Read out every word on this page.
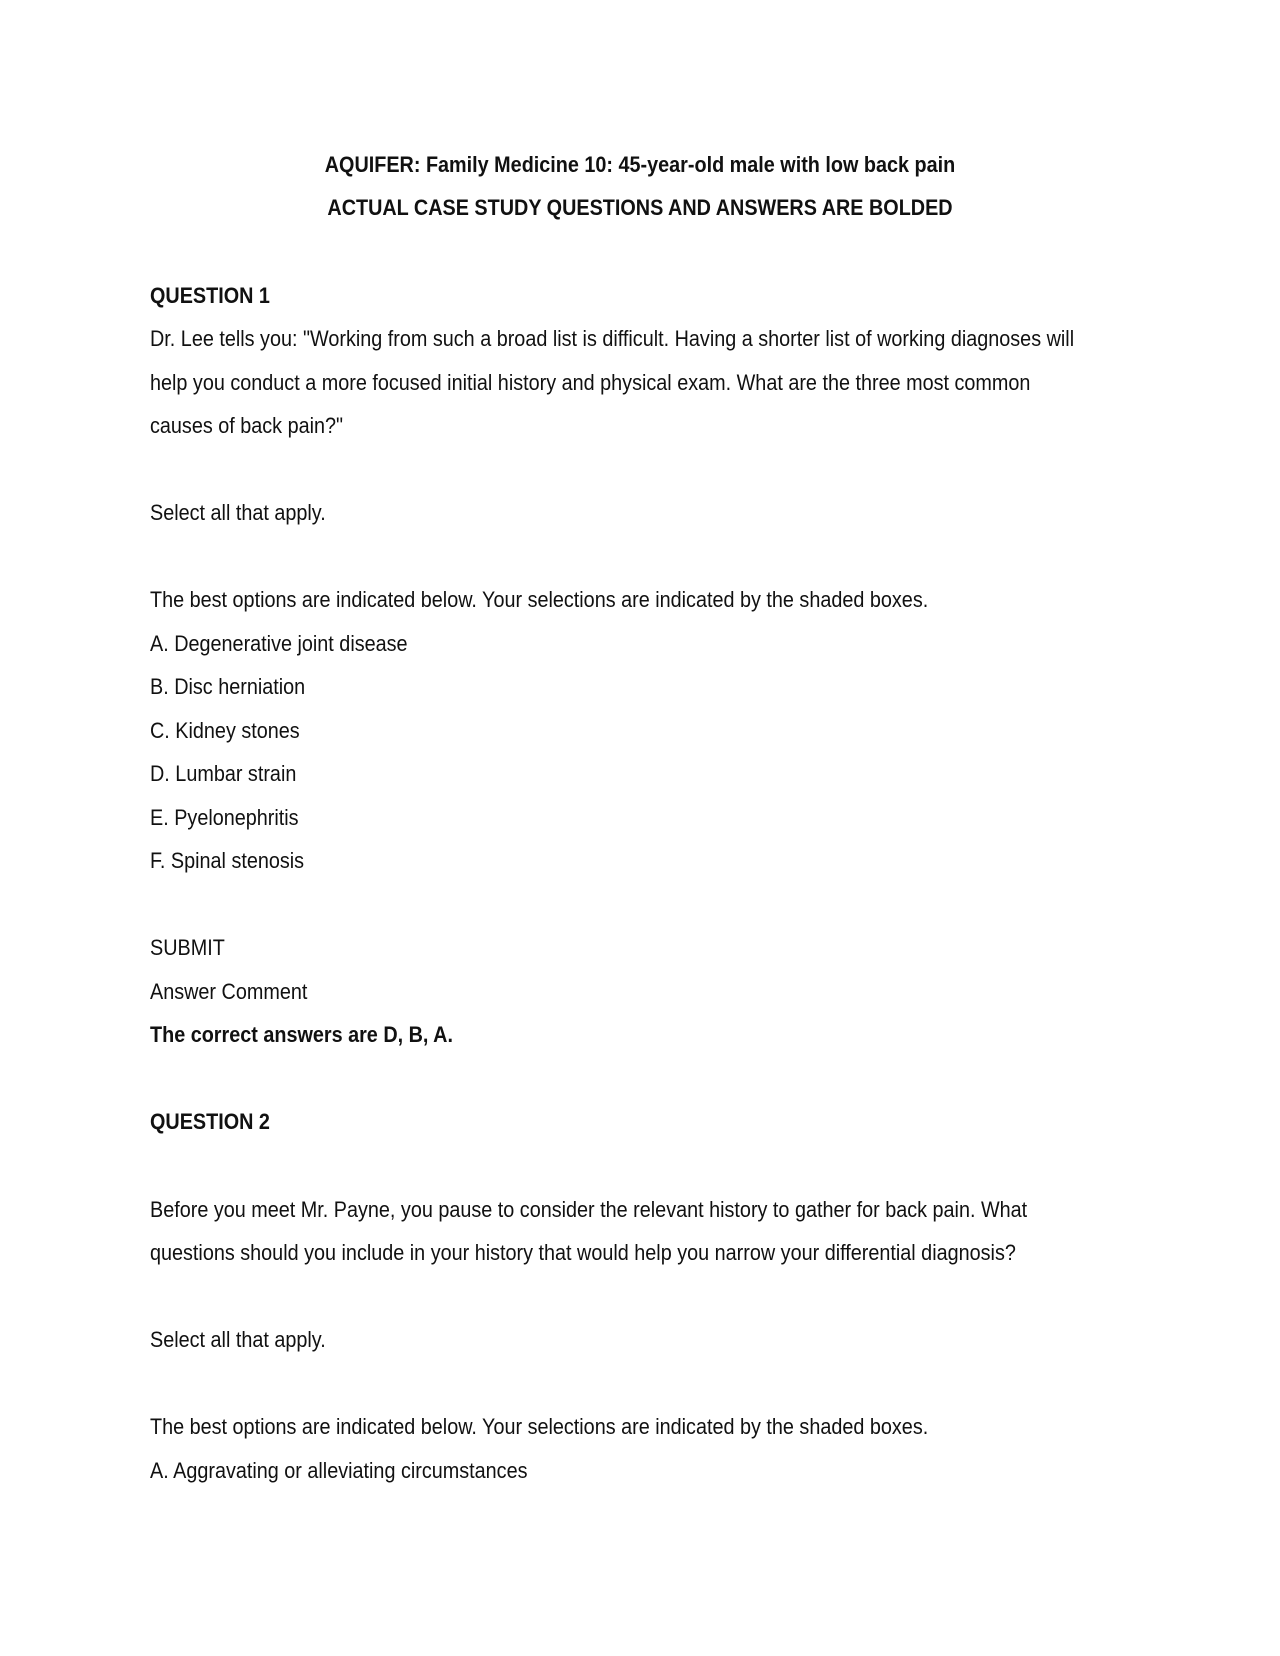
AQUIFER: Family Medicine 10: 45-year-old male with low back pain
ACTUAL CASE STUDY QUESTIONS AND ANSWERS ARE BOLDED
QUESTION 1
Dr. Lee tells you: "Working from such a broad list is difficult. Having a shorter list of working diagnoses will
help you conduct a more focused initial history and physical exam. What are the three most common
causes of back pain?"
Select all that apply.
The best options are indicated below. Your selections are indicated by the shaded boxes.
A. Degenerative joint disease
B. Disc herniation
C. Kidney stones
D. Lumbar strain
E. Pyelonephritis
F. Spinal stenosis
SUBMIT
Answer Comment
The correct answers are D, B, A.
QUESTION 2
Before you meet Mr. Payne, you pause to consider the relevant history to gather for back pain. What
questions should you include in your history that would help you narrow your differential diagnosis?
Select all that apply.
The best options are indicated below. Your selections are indicated by the shaded boxes.
A. Aggravating or alleviating circumstances
